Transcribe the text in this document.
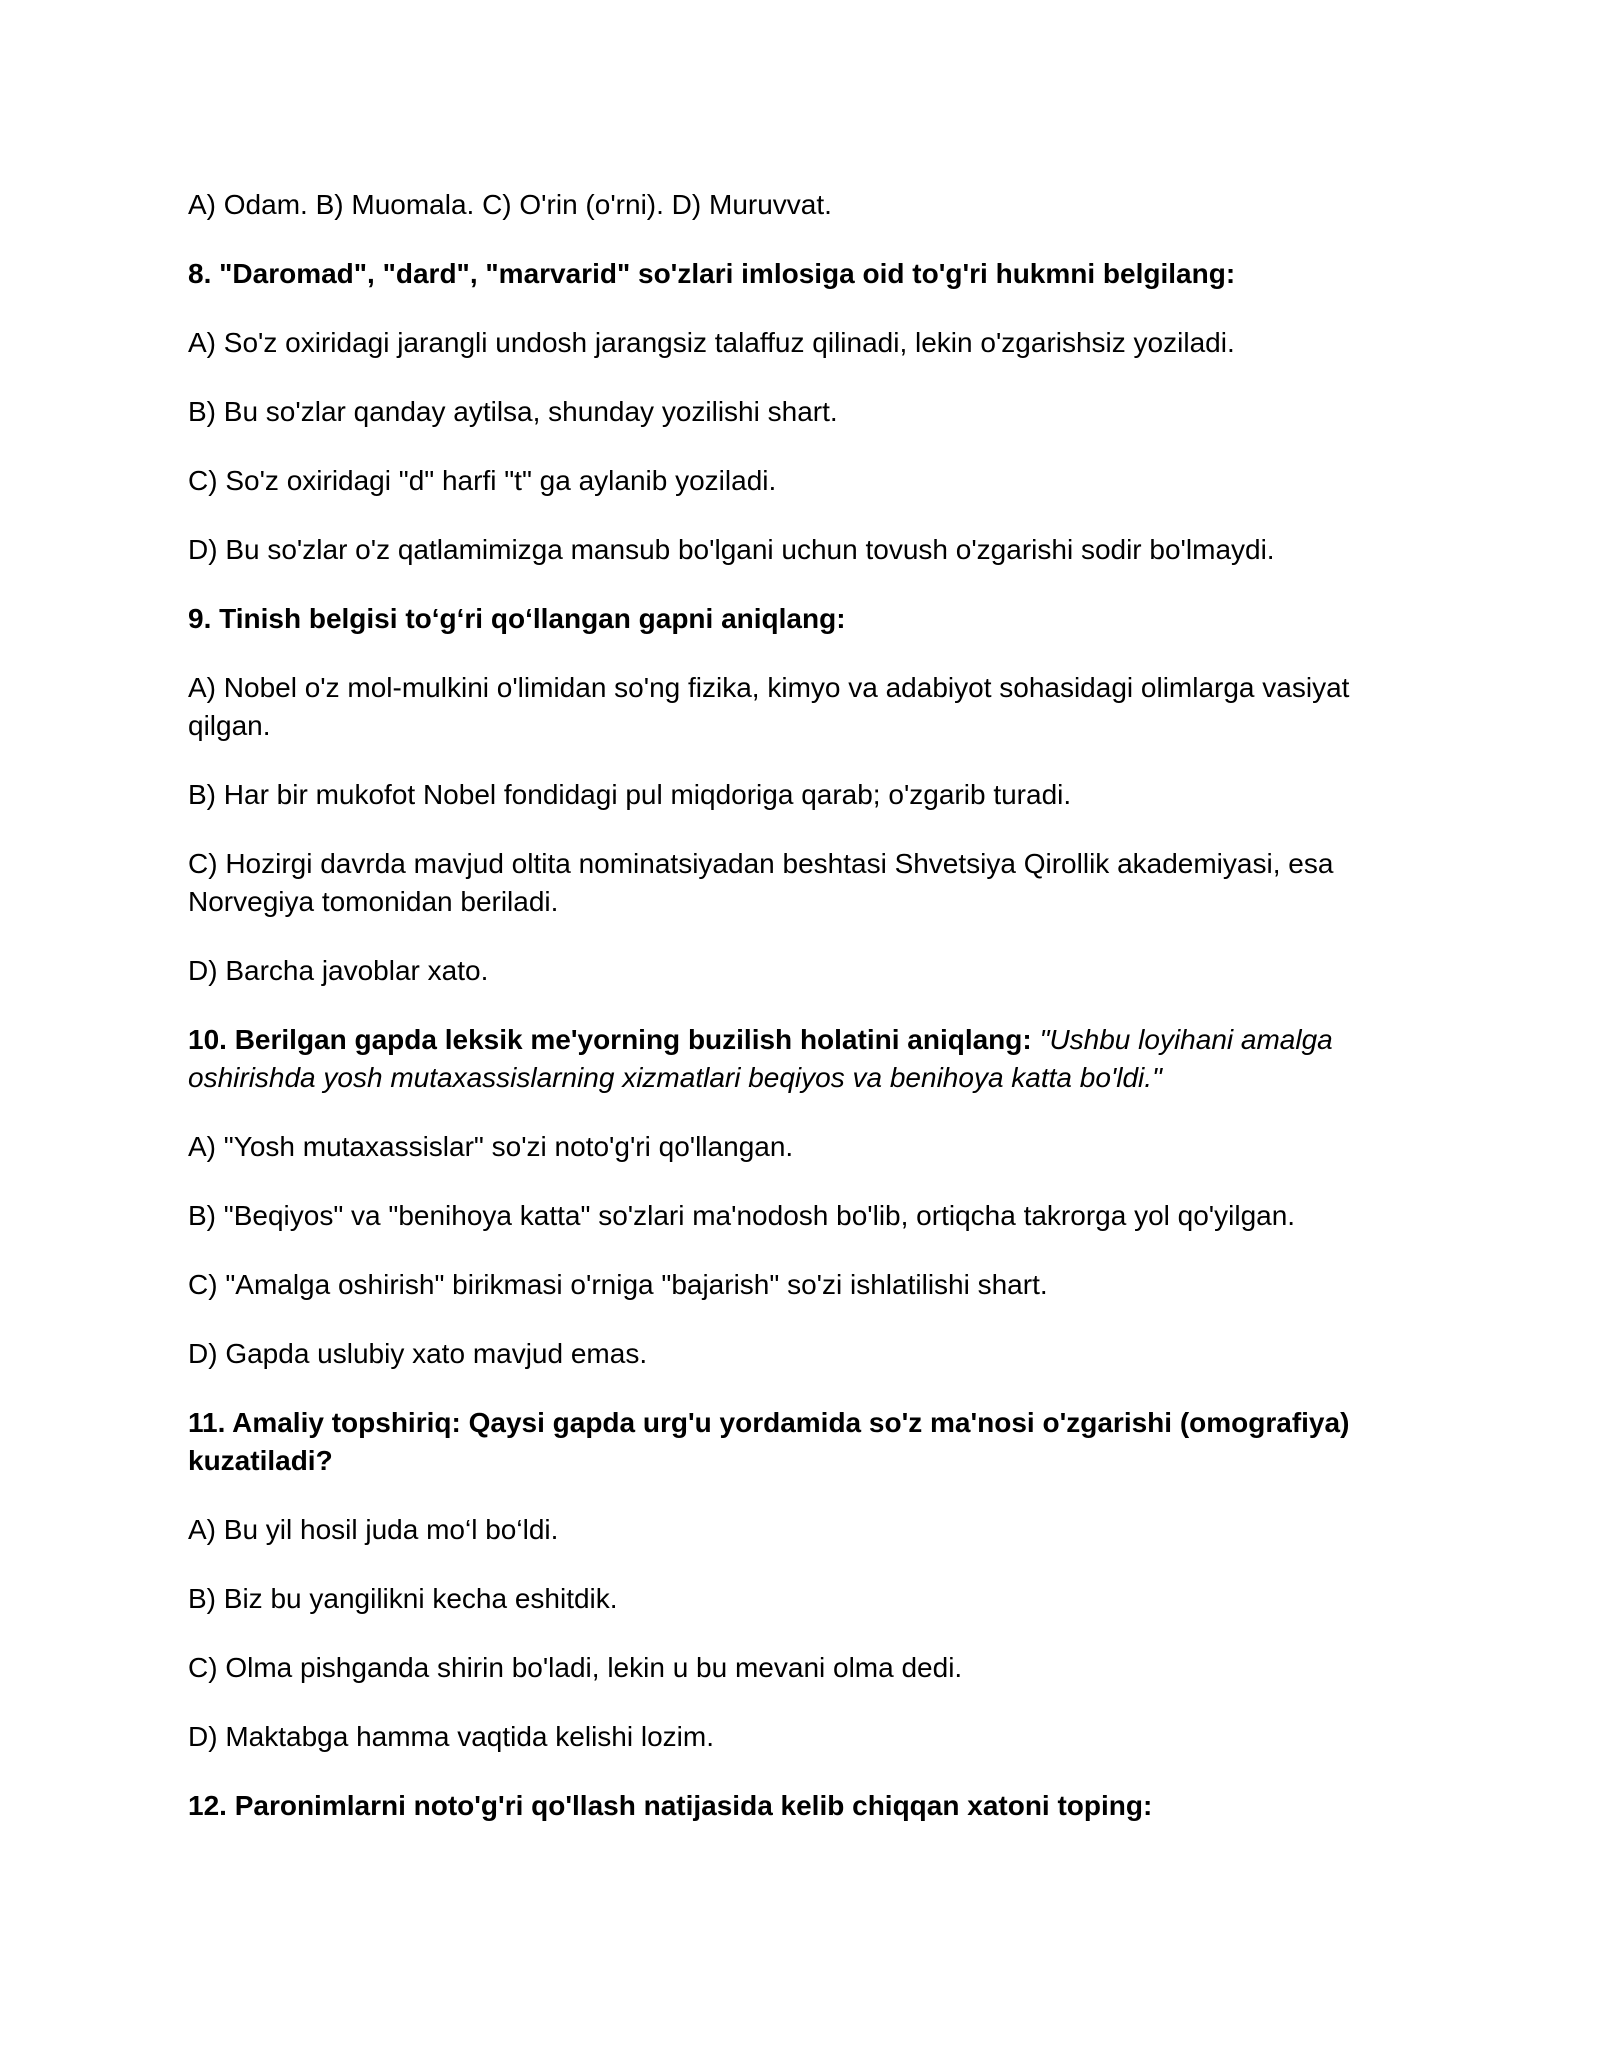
A) Odam. B) Muomala. C) O'rin (o'rni). D) Muruvvat.

8. "Daromad", "dard", "marvarid" so'zlari imlosiga oid to'g'ri hukmni belgilang:

A) So'z oxiridagi jarangli undosh jarangsiz talaffuz qilinadi, lekin o'zgarishsiz yoziladi.

B) Bu so'zlar qanday aytilsa, shunday yozilishi shart.

C) So'z oxiridagi "d" harfi "t" ga aylanib yoziladi.

D) Bu so'zlar o'z qatlamimizga mansub bo'lgani uchun tovush o'zgarishi sodir bo'lmaydi.

9. Tinish belgisi to‘g‘ri qo‘llangan gapni aniqlang:

A) Nobel o'z mol-mulkini o'limidan so'ng fizika, kimyo va adabiyot sohasidagi olimlarga vasiyat qilgan.

B) Har bir mukofot Nobel fondidagi pul miqdoriga qarab; o'zgarib turadi.

C) Hozirgi davrda mavjud oltita nominatsiyadan beshtasi Shvetsiya Qirollik akademiyasi, esa Norvegiya tomonidan beriladi.

D) Barcha javoblar xato.

10. Berilgan gapda leksik me'yorning buzilish holatini aniqlang: "Ushbu loyihani amalga oshirishda yosh mutaxassislarning xizmatlari beqiyos va benihoya katta bo'ldi."

A) "Yosh mutaxassislar" so'zi noto'g'ri qo'llangan.

B) "Beqiyos" va "benihoya katta" so'zlari ma'nodosh bo'lib, ortiqcha takrorga yol qo'yilgan.

C) "Amalga oshirish" birikmasi o'rniga "bajarish" so'zi ishlatilishi shart.

D) Gapda uslubiy xato mavjud emas.

11. Amaliy topshiriq: Qaysi gapda urg'u yordamida so'z ma'nosi o'zgarishi (omografiya) kuzatiladi?

A) Bu yil hosil juda mo‘l bo‘ldi.

B) Biz bu yangilikni kecha eshitdik.

C) Olma pishganda shirin bo'ladi, lekin u bu mevani olma dedi.

D) Maktabga hamma vaqtida kelishi lozim.

12. Paronimlarni noto'g'ri qo'llash natijasida kelib chiqqan xatoni toping:
